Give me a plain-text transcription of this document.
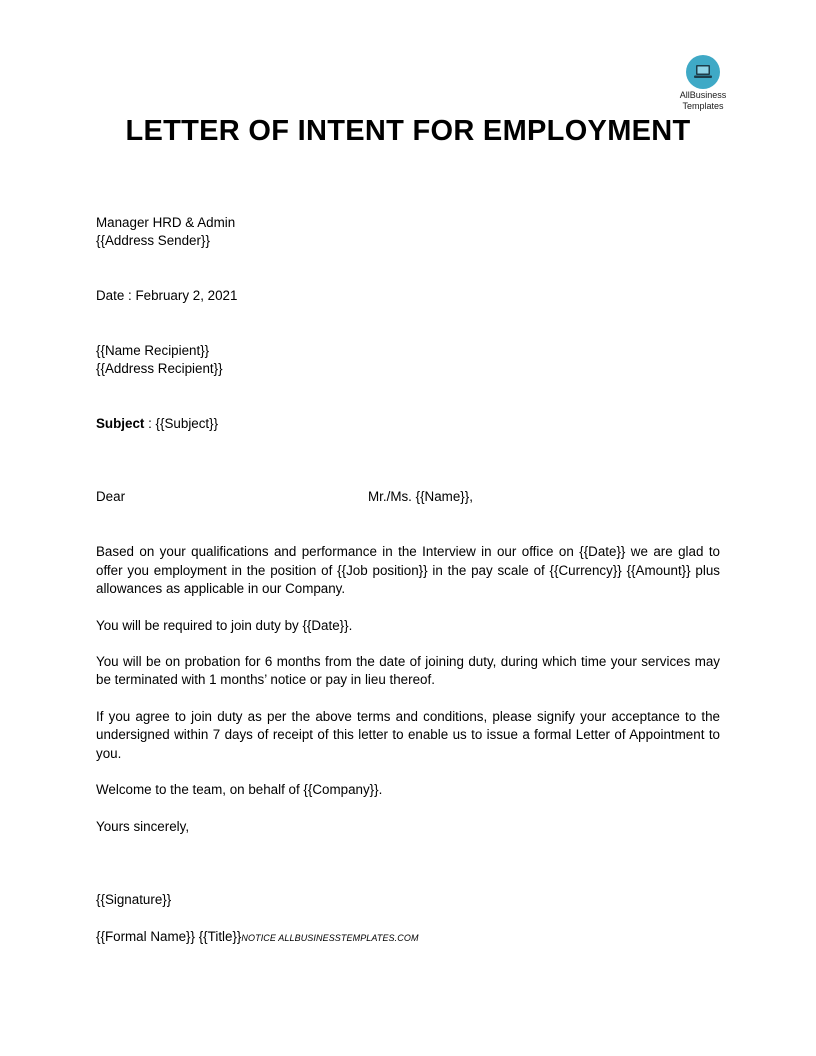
AllBusiness
Templates
LETTER OF INTENT FOR EMPLOYMENT
Manager HRD & Admin
{{Address Sender}}
Date : February 2, 2021
{{Name Recipient}}
{{Address Recipient}}
Subject : {{Subject}}
Dear	Mr./Ms. {{Name}},

Based on your qualifications and performance in the Interview in our office on {{Date}} we are glad to offer you employment in the position of {{Job position}} in the pay scale of {{Currency}} {{Amount}} plus allowances as applicable in our Company.

You will be required to join duty by {{Date}}.

You will be on probation for 6 months from the date of joining duty, during which time your services may be terminated with 1 months’ notice or pay in lieu thereof.

If you agree to join duty as per the above terms and conditions, please signify your acceptance to the undersigned within 7 days of receipt of this letter to enable us to issue a formal Letter of Appointment to you.

Welcome to the team, on behalf of {{Company}}.

Yours sincerely,
{{Signature}}
{{Formal Name}} {{Title}}NOTICE ALLBUSINESSTEMPLATES.COM
